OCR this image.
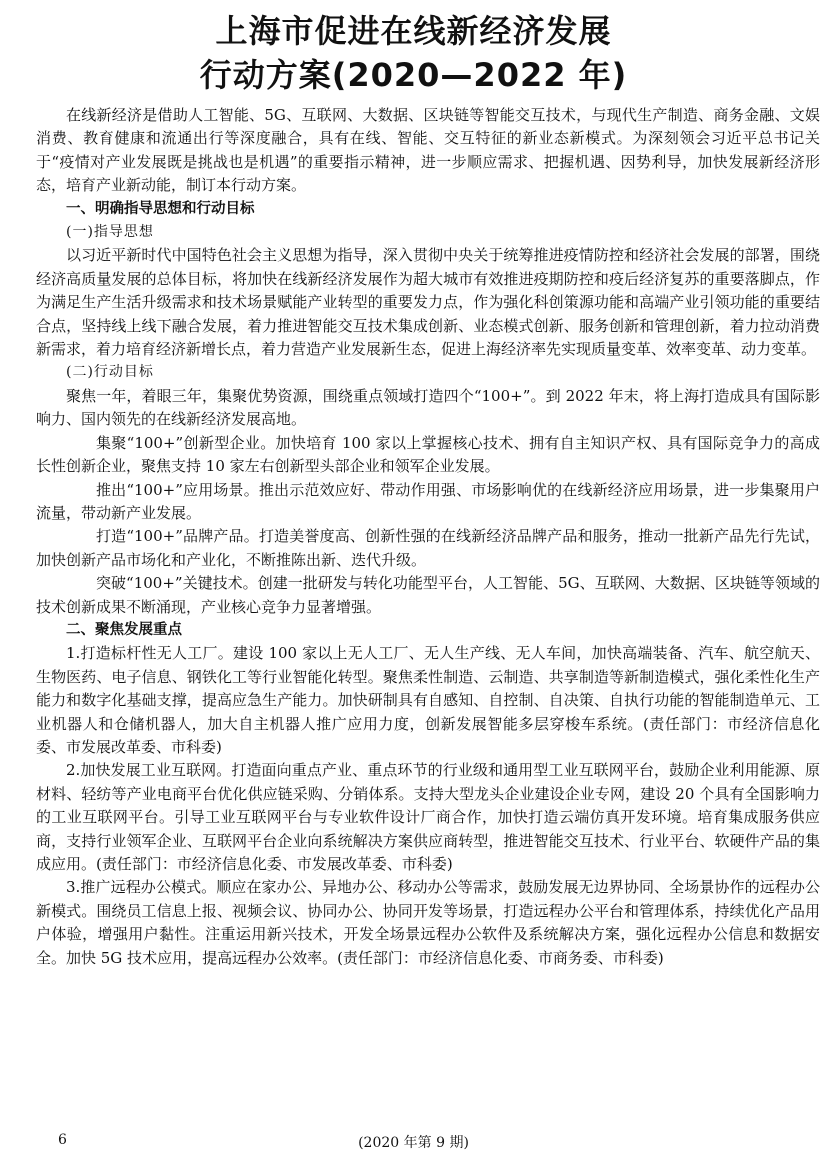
上海市促进在线新经济发展
行动方案(2020—2022 年)

在线新经济是借助人工智能、5G、互联网、大数据、区块链等智能交互技术，与现代生产制造、商务金融、文娱消费、教育健康和流通出行等深度融合，具有在线、智能、交互特征的新业态新模式。为深刻领会习近平总书记关于“疫情对产业发展既是挑战也是机遇”的重要指示精神，进一步顺应需求、把握机遇、因势利导，加快发展新经济形态，培育产业新动能，制订本行动方案。

一、明确指导思想和行动目标

(一)指导思想

以习近平新时代中国特色社会主义思想为指导，深入贯彻中央关于统筹推进疫情防控和经济社会发展的部署，围绕经济高质量发展的总体目标，将加快在线新经济发展作为超大城市有效推进疫期防控和疫后经济复苏的重要落脚点，作为满足生产生活升级需求和技术场景赋能产业转型的重要发力点，作为强化科创策源功能和高端产业引领功能的重要结合点，坚持线上线下融合发展，着力推进智能交互技术集成创新、业态模式创新、服务创新和管理创新，着力拉动消费新需求，着力培育经济新增长点，着力营造产业发展新生态，促进上海经济率先实现质量变革、效率变革、动力变革。

(二)行动目标

聚焦一年，着眼三年，集聚优势资源，围绕重点领域打造四个“100+”。到 2022 年末，将上海打造成具有国际影响力、国内领先的在线新经济发展高地。

集聚“100+”创新型企业。加快培育 100 家以上掌握核心技术、拥有自主知识产权、具有国际竞争力的高成长性创新企业，聚焦支持 10 家左右创新型头部企业和领军企业发展。

推出“100+”应用场景。推出示范效应好、带动作用强、市场影响优的在线新经济应用场景，进一步集聚用户流量，带动新产业发展。

打造“100+”品牌产品。打造美誉度高、创新性强的在线新经济品牌产品和服务，推动一批新产品先行先试，加快创新产品市场化和产业化，不断推陈出新、迭代升级。

突破“100+”关键技术。创建一批研发与转化功能型平台，人工智能、5G、互联网、大数据、区块链等领域的技术创新成果不断涌现，产业核心竞争力显著增强。

二、聚焦发展重点

1.打造标杆性无人工厂。建设 100 家以上无人工厂、无人生产线、无人车间，加快高端装备、汽车、航空航天、生物医药、电子信息、钢铁化工等行业智能化转型。聚焦柔性制造、云制造、共享制造等新制造模式，强化柔性化生产能力和数字化基础支撑，提高应急生产能力。加快研制具有自感知、自控制、自决策、自执行功能的智能制造单元、工业机器人和仓储机器人，加大自主机器人推广应用力度，创新发展智能多层穿梭车系统。(责任部门：市经济信息化委、市发展改革委、市科委)

2.加快发展工业互联网。打造面向重点产业、重点环节的行业级和通用型工业互联网平台，鼓励企业利用能源、原材料、轻纺等产业电商平台优化供应链采购、分销体系。支持大型龙头企业建设企业专网，建设 20 个具有全国影响力的工业互联网平台。引导工业互联网平台与专业软件设计厂商合作，加快打造云端仿真开发环境。培育集成服务供应商，支持行业领军企业、互联网平台企业向系统解决方案供应商转型，推进智能交互技术、行业平台、软硬件产品的集成应用。(责任部门：市经济信息化委、市发展改革委、市科委)

3.推广远程办公模式。顺应在家办公、异地办公、移动办公等需求，鼓励发展无边界协同、全场景协作的远程办公新模式。围绕员工信息上报、视频会议、协同办公、协同开发等场景，打造远程办公平台和管理体系，持续优化产品用户体验，增强用户黏性。注重运用新兴技术，开发全场景远程办公软件及系统解决方案，强化远程办公信息和数据安全。加快 5G 技术应用，提高远程办公效率。(责任部门：市经济信息化委、市商务委、市科委)

6	(2020 年第 9 期)
